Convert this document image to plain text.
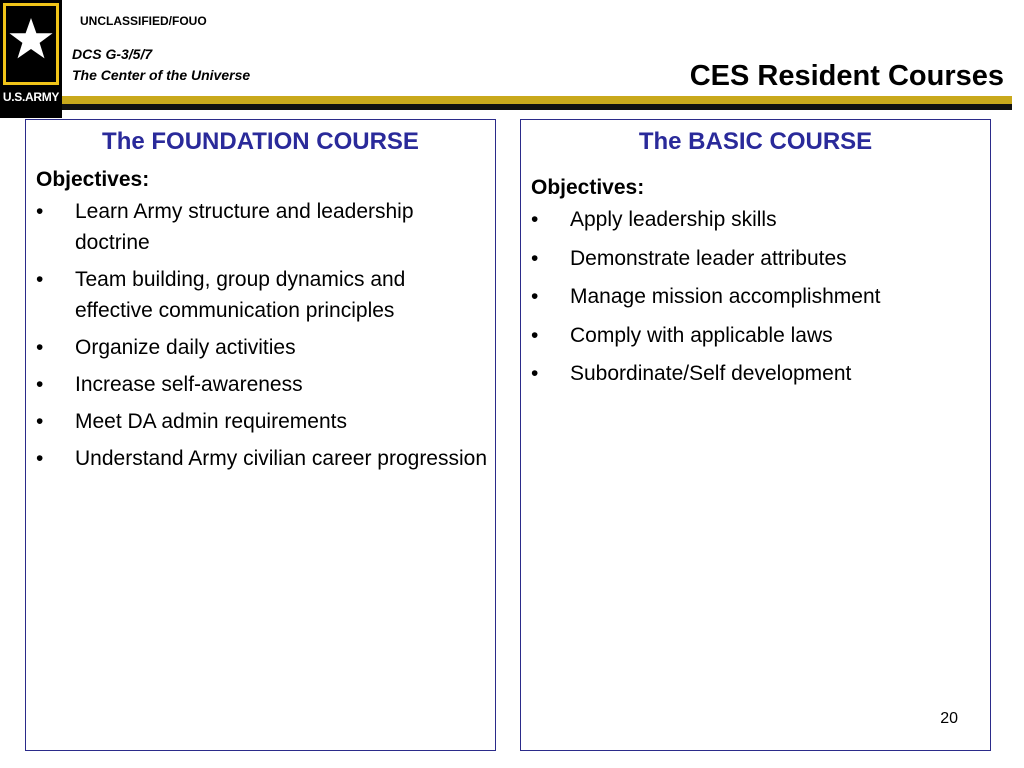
U.S.ARMY
UNCLASSIFIED/FOUO
DCS G-3/5/7
The Center of the Universe	CES Resident Courses
The FOUNDATION COURSE
Objectives:
• Learn Army structure and leadership doctrine
• Team building, group dynamics and effective communication principles
• Organize daily activities
• Increase self-awareness
• Meet DA admin requirements
• Understand Army civilian career progression
The BASIC COURSE
Objectives:
• Apply leadership skills
• Demonstrate leader attributes
• Manage mission accomplishment
• Comply with applicable laws
• Subordinate/Self development
20
